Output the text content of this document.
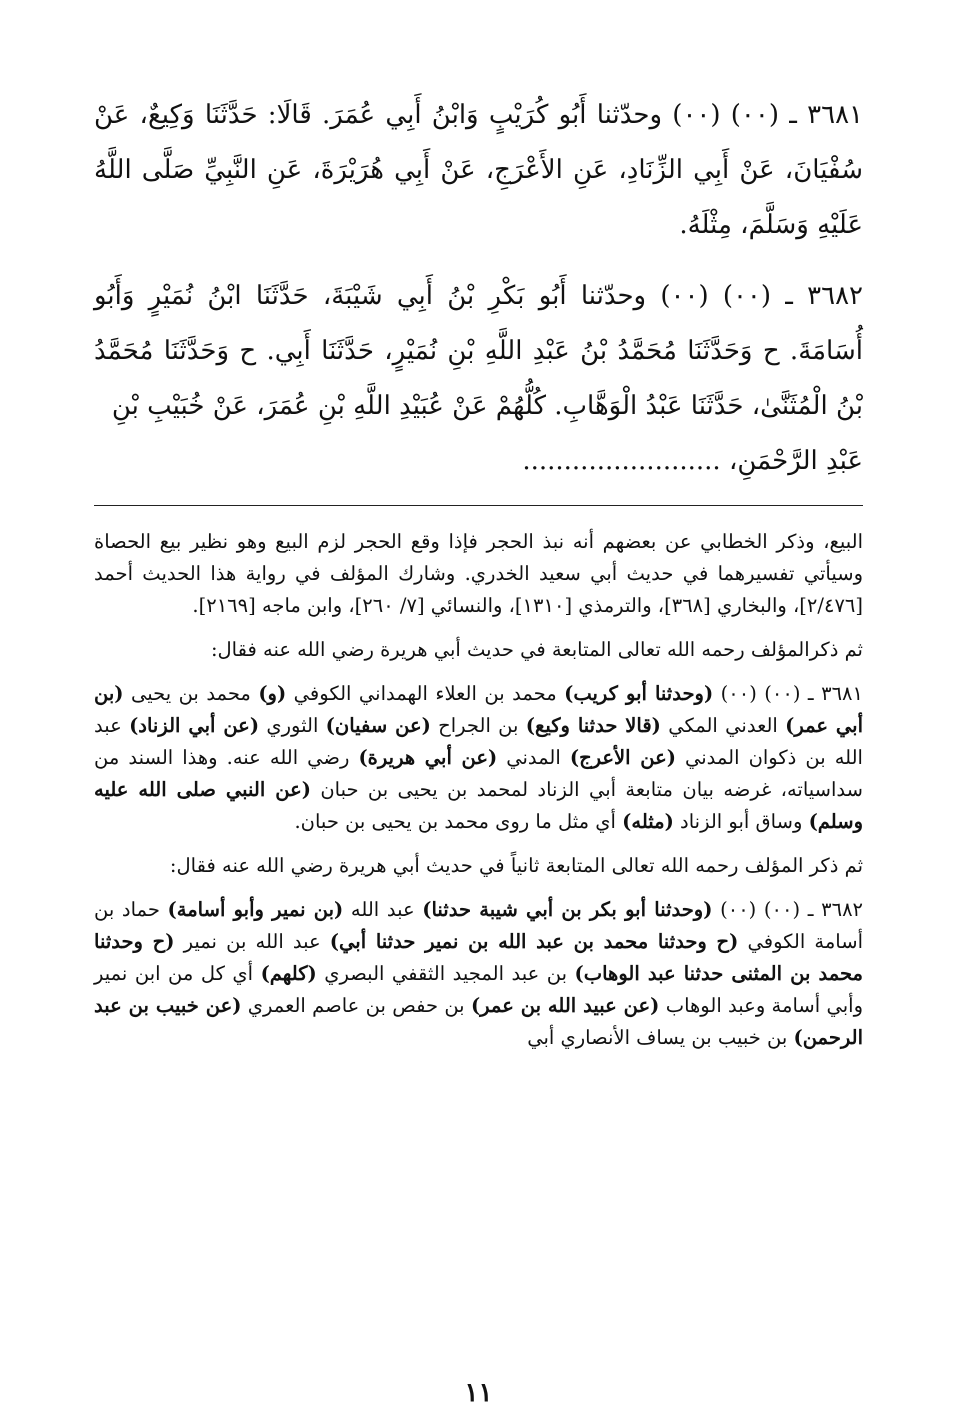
٣٦٨١ ـ (٠٠) (٠٠) وحدّثنا أَبُو كُرَيْبٍ وَابْنُ أَبِي عُمَرَ. قَالَا: حَدَّثَنَا وَكِيعٌ، عَنْ سُفْيَانَ، عَنْ أَبِي الزِّنَادِ، عَنِ الأَعْرَجِ، عَنْ أَبِي هُرَيْرَةَ، عَنِ النَّبِيِّ صَلَّى اللَّهُ عَلَيْهِ وَسَلَّمَ، مِثْلَهُ.

٣٦٨٢ ـ (٠٠) (٠٠) وحدّثنا أَبُو بَكْرِ بْنُ أَبِي شَيْبَةَ، حَدَّثَنَا ابْنُ نُمَيْرٍ وَأَبُو أُسَامَةَ. ح وَحَدَّثَنَا مُحَمَّدُ بْنُ عَبْدِ اللَّهِ بْنِ نُمَيْرٍ، حَدَّثَنَا أَبِي. ح وَحَدَّثَنَا مُحَمَّدُ بْنُ الْمُثَنَّىٰ، حَدَّثَنَا عَبْدُ الْوَهَّابِ. كُلُّهُمْ عَنْ عُبَيْدِ اللَّهِ بْنِ عُمَرَ، عَنْ خُبَيْبِ بْنِ
عَبْدِ الرَّحْمَنِ، ........................

البيع، وذكر الخطابي عن بعضهم أنه نبذ الحجر فإذا وقع الحجر لزم البيع وهو نظير بيع الحصاة وسيأتي تفسيرهما في حديث أبي سعيد الخدري. وشارك المؤلف في رواية هذا الحديث أحمد [٢/٤٧٦]، والبخاري [٣٦٨]، والترمذي [١٣١٠]، والنسائي [٧/ ٢٦٠]، وابن ماجه [٢١٦٩].

ثم ذكرالمؤلف رحمه الله تعالى المتابعة في حديث أبي هريرة رضي الله عنه فقال:

٣٦٨١ ـ (٠٠) (٠٠) (وحدثنا أبو كريب) محمد بن العلاء الهمداني الكوفي (و) محمد بن يحيى (بن أبي عمر) العدني المكي (قالا حدثنا وكيع) بن الجراح (عن سفيان) الثوري (عن أبي الزناد) عبد الله بن ذكوان المدني (عن الأعرج) المدني (عن أبي هريرة) رضي الله عنه. وهذا السند من سداسياته، غرضه بيان متابعة أبي الزناد لمحمد بن يحيى بن حبان (عن النبي صلى الله عليه وسلم) وساق أبو الزناد (مثله) أي مثل ما روى محمد بن يحيى بن حبان.

ثم ذكر المؤلف رحمه الله تعالى المتابعة ثانياً في حديث أبي هريرة رضي الله عنه فقال:

٣٦٨٢ ـ (٠٠) (٠٠) (وحدثنا أبو بكر بن أبي شيبة حدثنا) عبد الله (بن نمير وأبو أسامة) حماد بن أسامة الكوفي (ح وحدثنا محمد بن عبد الله بن نمير حدثنا أبي) عبد الله بن نمير (ح وحدثنا محمد بن المثنى حدثنا عبد الوهاب) بن عبد المجيد الثقفي البصري (كلهم) أي كل من ابن نمير وأبي أسامة وعبد الوهاب (عن عبيد الله بن عمر) بن حفص بن عاصم العمري (عن خبيب بن عبد الرحمن) بن خبيب بن يساف الأنصاري أبي

١١
